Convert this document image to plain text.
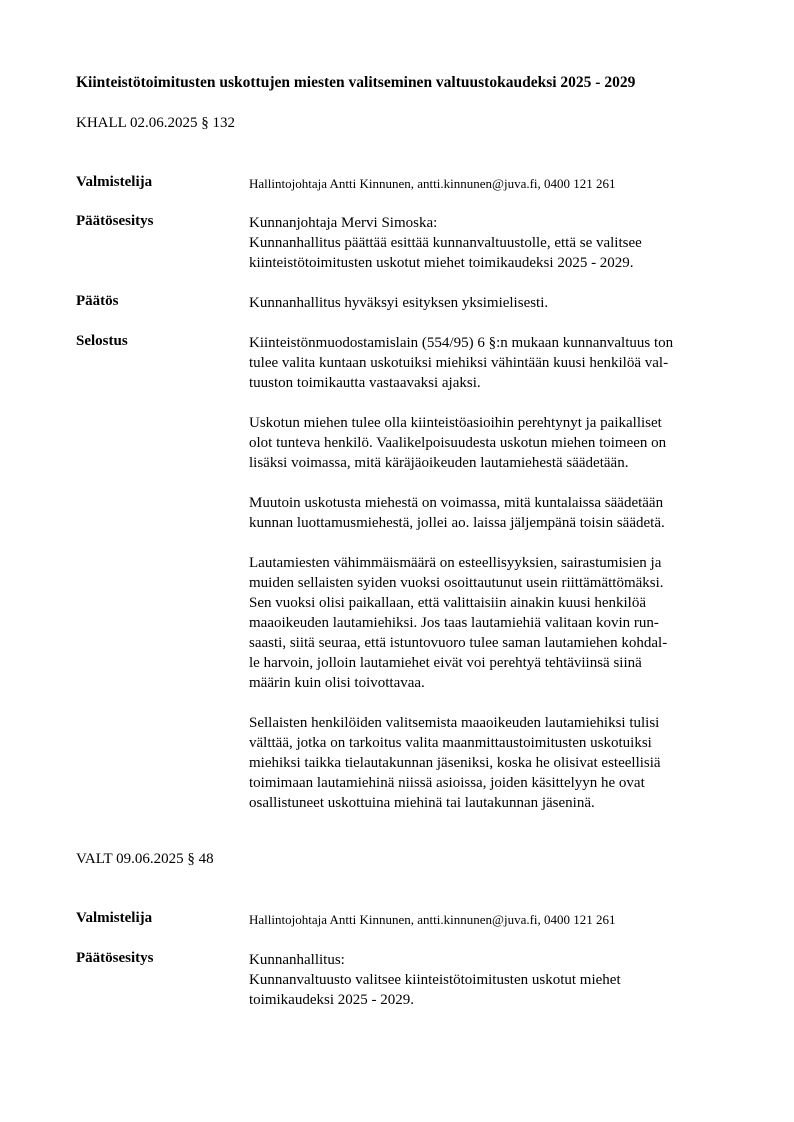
Kiinteistötoimitusten uskottujen miesten valitseminen valtuustokaudeksi 2025 - 2029
KHALL 02.06.2025 § 132
Valmistelija	Hallintojohtaja Antti Kinnunen, antti.kinnunen@juva.fi, 0400 121 261
Päätösesitys	Kunnanjohtaja Mervi Simoska:
Kunnanhallitus päättää esittää kunnanvaltuustolle, että se valitsee
kiinteistötoimitusten uskotut miehet toimikaudeksi 2025 - 2029.
Päätös	Kunnanhallitus hyväksyi esityksen yksimielisesti.
Selostus	Kiinteistönmuodostamislain (554/95) 6 §:n mukaan kunnanvaltuus ton
tulee valita kuntaan uskotuiksi miehiksi vähintään kuusi henkilöä val-
tuuston toimikautta vastaavaksi ajaksi.
Uskotun miehen tulee olla kiinteistöasioihin perehtynyt ja paikalliset
olot tunteva henkilö. Vaalikelpoisuudesta uskotun miehen toimeen on
lisäksi voimassa, mitä käräjäoikeuden lautamiehestä säädetään.
Muutoin uskotusta miehestä on voimassa, mitä kuntalaissa säädetään
kunnan luottamusmiehestä, jollei ao. laissa jäljempänä toisin säädetä.
Lautamiesten vähimmäismäärä on esteellisyyksien, sairastumisien ja
muiden sellaisten syiden vuoksi osoittautunut usein riittämättömäksi.
Sen vuoksi olisi paikallaan, että valittaisiin ainakin kuusi henkilöä
maaoikeuden lautamiehiksi. Jos taas lautamiehiä valitaan kovin run-
saasti, siitä seuraa, että istuntovuoro tulee saman lautamiehen kohdal-
le harvoin, jolloin lautamiehet eivät voi perehtyä tehtäviinsä siinä
määrin kuin olisi toivottavaa.
Sellaisten henkilöiden valitsemista maaoikeuden lautamiehiksi tulisi
välttää, jotka on tarkoitus valita maanmittaustoimitusten uskotuiksi
miehiksi taikka tielautakunnan jäseniksi, koska he olisivat esteellisiä
toimimaan lautamiehinä niissä asioissa, joiden käsittelyyn he ovat
osallistuneet uskottuina miehinä tai lautakunnan jäseninä.
VALT 09.06.2025 § 48
Valmistelija	Hallintojohtaja Antti Kinnunen, antti.kinnunen@juva.fi, 0400 121 261
Päätösesitys	Kunnanhallitus:
Kunnanvaltuusto valitsee kiinteistötoimitusten uskotut miehet
toimikaudeksi 2025 - 2029.
